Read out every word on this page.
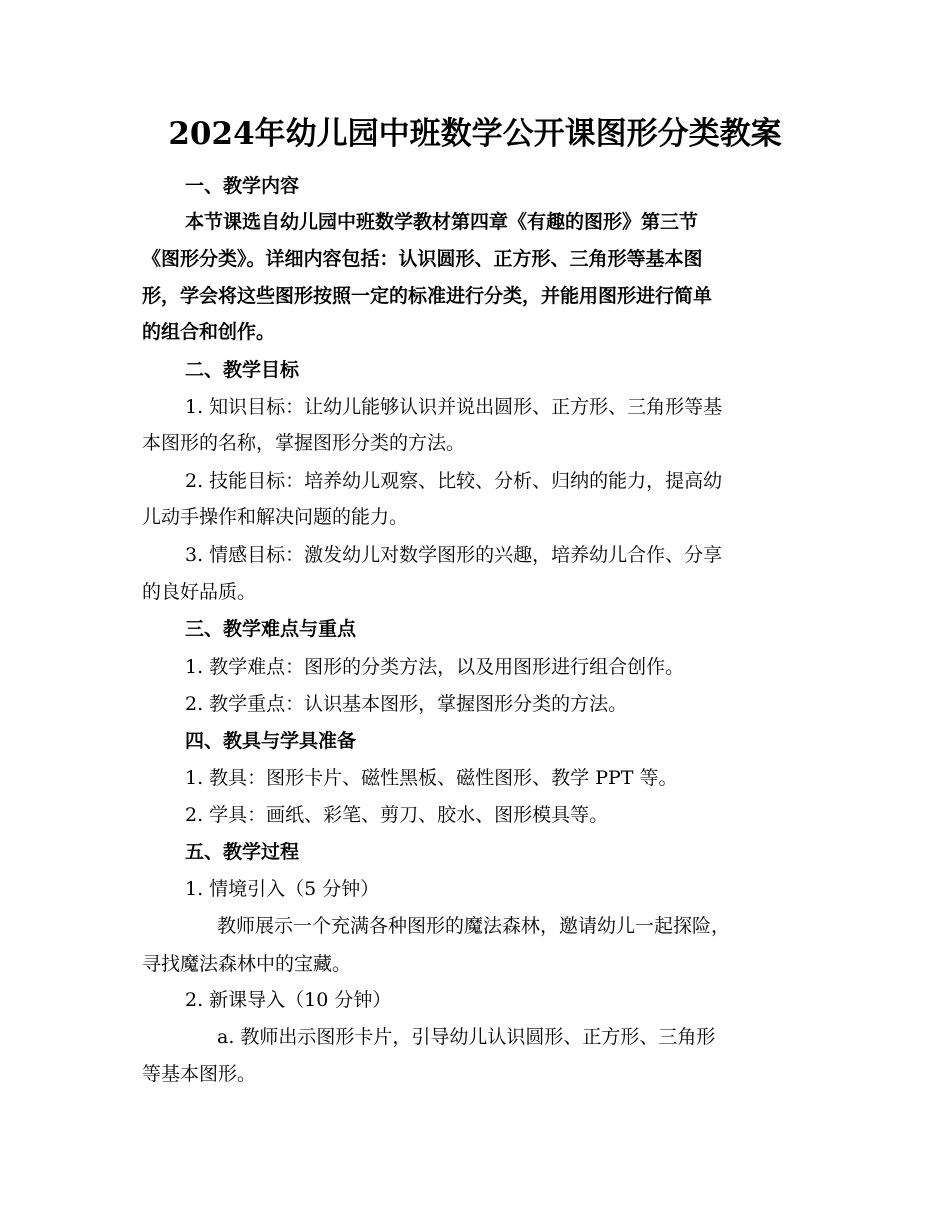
2024年幼儿园中班数学公开课图形分类教案
一、教学内容
本节课选自幼儿园中班数学教材第四章《有趣的图形》第三节
《图形分类》。详细内容包括：认识圆形、正方形、三角形等基本图
形，学会将这些图形按照一定的标准进行分类，并能用图形进行简单
的组合和创作。
二、教学目标
1. 知识目标：让幼儿能够认识并说出圆形、正方形、三角形等基
本图形的名称，掌握图形分类的方法。
2. 技能目标：培养幼儿观察、比较、分析、归纳的能力，提高幼
儿动手操作和解决问题的能力。
3. 情感目标：激发幼儿对数学图形的兴趣，培养幼儿合作、分享
的良好品质。
三、教学难点与重点
1. 教学难点：图形的分类方法，以及用图形进行组合创作。
2. 教学重点：认识基本图形，掌握图形分类的方法。
四、教具与学具准备
1. 教具：图形卡片、磁性黑板、磁性图形、教学 PPT 等。
2. 学具：画纸、彩笔、剪刀、胶水、图形模具等。
五、教学过程
1. 情境引入（5 分钟）
教师展示一个充满各种图形的魔法森林，邀请幼儿一起探险，
寻找魔法森林中的宝藏。
2. 新课导入（10 分钟）
a. 教师出示图形卡片，引导幼儿认识圆形、正方形、三角形
等基本图形。
